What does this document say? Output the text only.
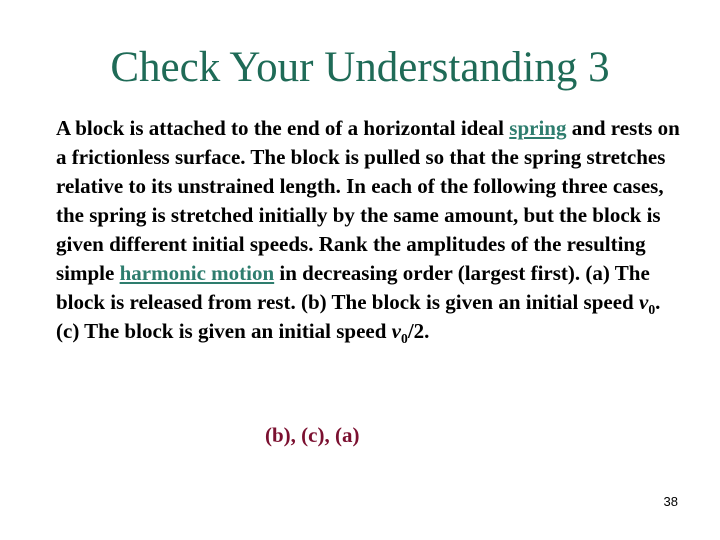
Check Your Understanding 3

A block is attached to the end of a horizontal ideal spring and rests on a frictionless surface. The block is pulled so that the spring stretches relative to its unstrained length. In each of the following three cases, the spring is stretched initially by the same amount, but the block is given different initial speeds. Rank the amplitudes of the resulting simple harmonic motion in decreasing order (largest first). (a) The block is released from rest. (b) The block is given an initial speed $v_0$. (c) The block is given an initial speed $v_0/2$.

(b), (c), (a)
38
